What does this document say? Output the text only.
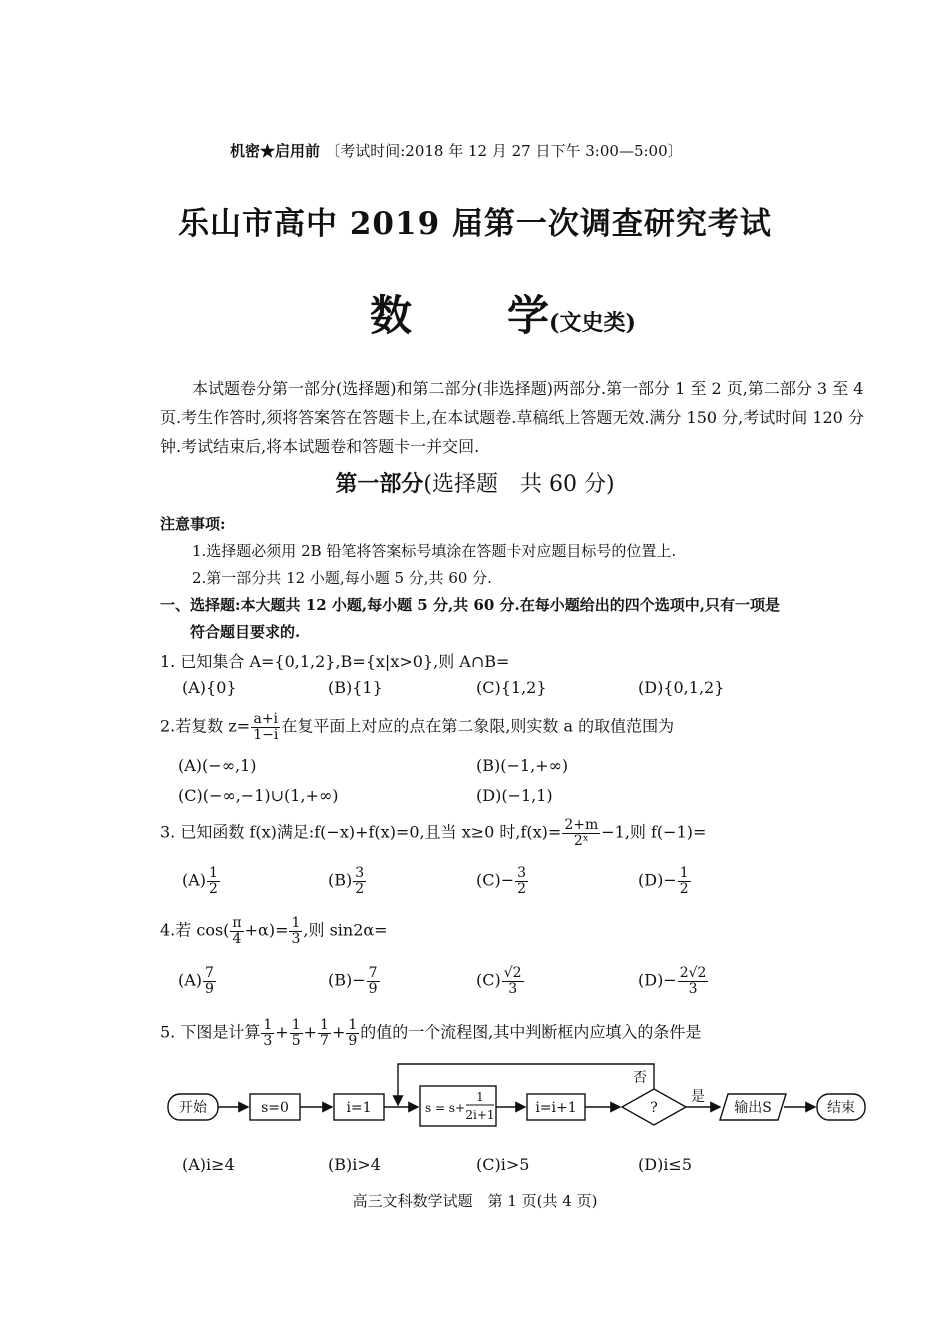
机密★启用前 〔考试时间:2018 年 12 月 27 日下午 3:00—5:00〕
乐山市高中 2019 届第一次调查研究考试
数 学(文史类)
本试题卷分第一部分(选择题)和第二部分(非选择题)两部分.第一部分 1 至 2 页,第二部分 3 至 4 页.考生作答时,须将答案答在答题卡上,在本试题卷.草稿纸上答题无效.满分 150 分,考试时间 120 分钟.考试结束后,将本试题卷和答题卡一并交回.
第一部分(选择题　共 60 分)
注意事项:
1.选择题必须用 2B 铅笔将答案标号填涂在答题卡对应题目标号的位置上.
2.第一部分共 12 小题,每小题 5 分,共 60 分.
一、选择题:本大题共 12 小题,每小题 5 分,共 60 分.在每小题给出的四个选项中,只有一项是
符合题目要求的.
1. 已知集合 A={0,1,2},B={x|x>0},则 A∩B=
(A){0}	(B){1}	(C){1,2}	(D){0,1,2}
2.若复数 $z= \frac{a+i}{1-i}$ 在复平面上对应的点在第二象限,则实数 a 的取值范围为
(A)(−∞,1)	(B)(−1,+∞)
(C)(−∞,−1)∪(1,+∞)	(D)(−1,1)
3. 已知函数 f(x)满足:f(−x)+f(x)=0,且当 x≥0 时$,f(x)= \frac{2+m}{\text{2ˣ}} -1$,则 f(−1)=
$(A) \frac{1}{2}$	$(B) \frac{3}{2}$	$(C)- \frac{3}{2}$	$(D)- \frac{1}{2}$
4.若 $\cos( \frac{\pi}{4} +\alpha)= \frac{1}{3}$ ,则 sin2α=
$(A) \frac{7}{9}$	$(B)- \frac{7}{9}$	$(C) \frac{√2}{3}$	$(D)- \frac{2√2}{3}$
5. 下图是计算 $\frac{1}{3} + \frac{1}{5} + \frac{1}{7} + \frac{1}{9}$ 的值的一个流程图,其中判断框内应填入的条件是
开始	s=0	i=1	s = s+
1
2i+1	i=i+1	?
否
是
输出S	结束
(A)i≥4	(B)i>4	(C)i>5	(D)i≤5
高三文科数学试题　第 1 页(共 4 页)
